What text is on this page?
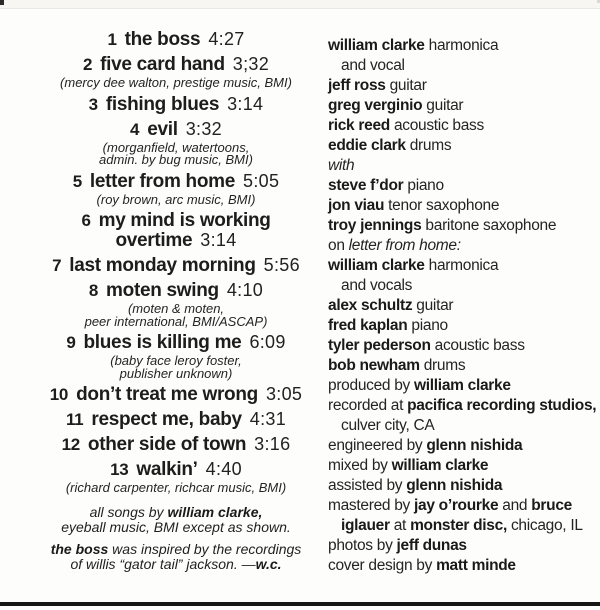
1 the boss 4:27
2 five card hand 3;32
(mercy dee walton, prestige music, BMI)
3 fishing blues 3:14
4 evil 3:32
(morganfield, watertoons,
admin. by bug music, BMI)
5 letter from home 5:05
(roy brown, arc music, BMI)
6 my mind is working
overtime 3:14
7 last monday morning 5:56
8 moten swing 4:10
(moten & moten,
peer international, BMI/ASCAP)
9 blues is killing me 6:09
(baby face leroy foster,
publisher unknown)
10 don’t treat me wrong 3:05
11 respect me, baby 4:31
12 other side of town 3:16
13 walkin’ 4:40
(richard carpenter, richcar music, BMI)
all songs by william clarke,
eyeball music, BMI except as shown.
the boss was inspired by the recordings
of willis “gator tail” jackson. —w.c.
william clarke harmonica
and vocal
jeff ross guitar
greg verginio guitar
rick reed acoustic bass
eddie clark drums
with
steve f’dor piano
jon viau tenor saxophone
troy jennings baritone saxophone
on letter from home:
william clarke harmonica
and vocals
alex schultz guitar
fred kaplan piano
tyler pederson acoustic bass
bob newham drums
produced by william clarke
recorded at pacifica recording studios,
culver city, CA
engineered by glenn nishida
mixed by william clarke
assisted by glenn nishida
mastered by jay o’rourke and bruce
iglauer at monster disc, chicago, IL
photos by jeff dunas
cover design by matt minde
